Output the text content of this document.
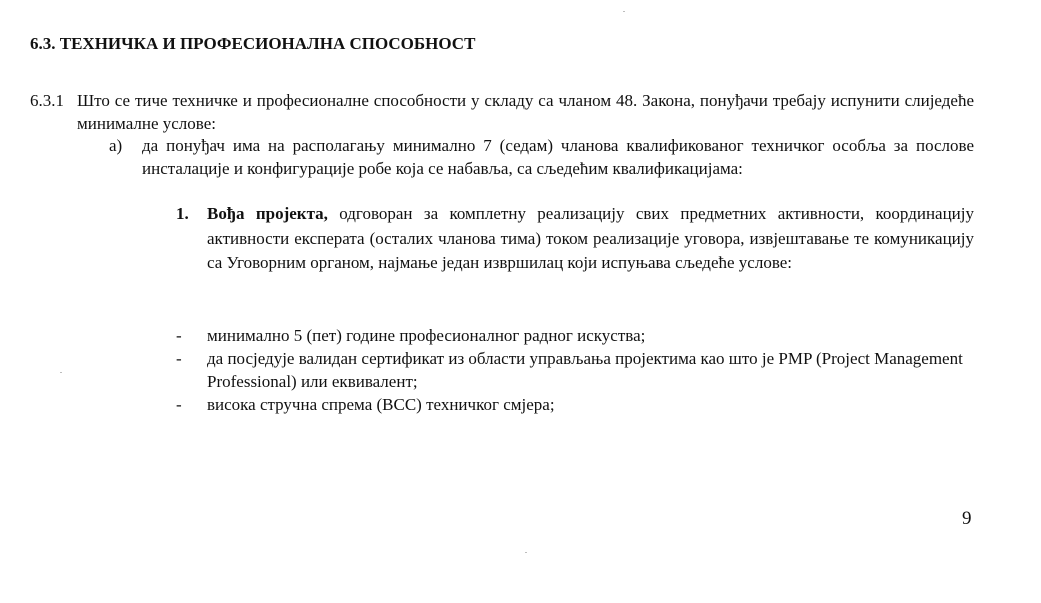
6.3. ТЕХНИЧКА И ПРОФЕСИОНАЛНА СПОСОБНОСТ
6.3.1 Што се тиче техничке и професионалне способности у складу са чланом 48. Закона, понуђачи требају испунити слиједеће минималне услове:

а) да понуђач има на располагању минимално 7 (седам) чланова квалификованог техничког особља за послове инсталације и конфигурације робе која се набавља, са сљедећим квалификацијама:

1. Вођа пројекта, одговоран за комплетну реализацију свих предметних активности, координацију активности експерата (осталих чланова тима) током реализације уговора, извјештавање те комуникацију са Уговорним органом, најмање један извршилац који испуњава сљедеће услове:

- минимално 5 (пет) године професионалног радног искуства;
- да посједује валидан сертификат из области управљања пројектима као што је PMP (Project Management Professional) или еквивалент;
- висока стручна спрема (ВСС) техничког смјера;
9
